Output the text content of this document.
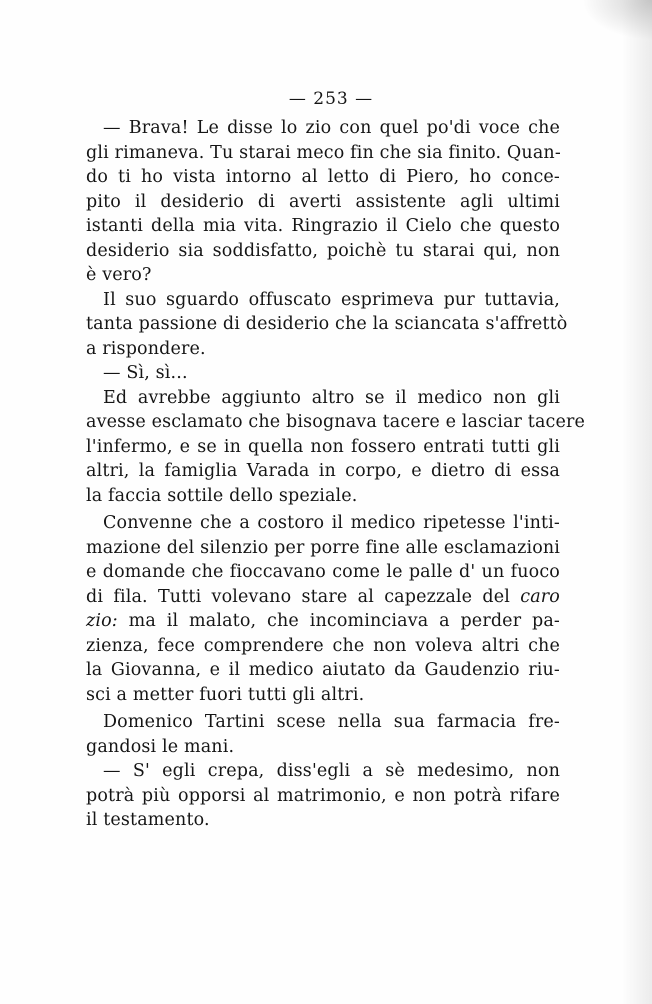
— 253 —
— Brava! Le disse lo zio con quel po'di voce che
gli rimaneva. Tu starai meco fin che sia finito. Quan-
do ti ho vista intorno al letto di Piero, ho conce-
pito il desiderio di averti assistente agli ultimi
istanti della mia vita. Ringrazio il Cielo che questo
desiderio sia soddisfatto, poichè tu starai qui, non
è vero?
Il suo sguardo offuscato esprimeva pur tuttavia,
tanta passione di desiderio che la sciancata s'affrettò
a rispondere.
— Sì, sì...
Ed avrebbe aggiunto altro se il medico non gli
avesse esclamato che bisognava tacere e lasciar tacere
l'infermo, e se in quella non fossero entrati tutti gli
altri, la famiglia Varada in corpo, e dietro di essa
la faccia sottile dello speziale.
Convenne che a costoro il medico ripetesse l'inti-
mazione del silenzio per porre fine alle esclamazioni
e domande che fioccavano come le palle d' un fuoco
di fila. Tutti volevano stare al capezzale del caro
zio: ma il malato, che incominciava a perder pa-
zienza, fece comprendere che non voleva altri che
la Giovanna, e il medico aiutato da Gaudenzio riu-
sci a metter fuori tutti gli altri.
Domenico Tartini scese nella sua farmacia fre-
gandosi le mani.
— S' egli crepa, diss'egli a sè medesimo, non
potrà più opporsi al matrimonio, e non potrà rifare
il testamento.
